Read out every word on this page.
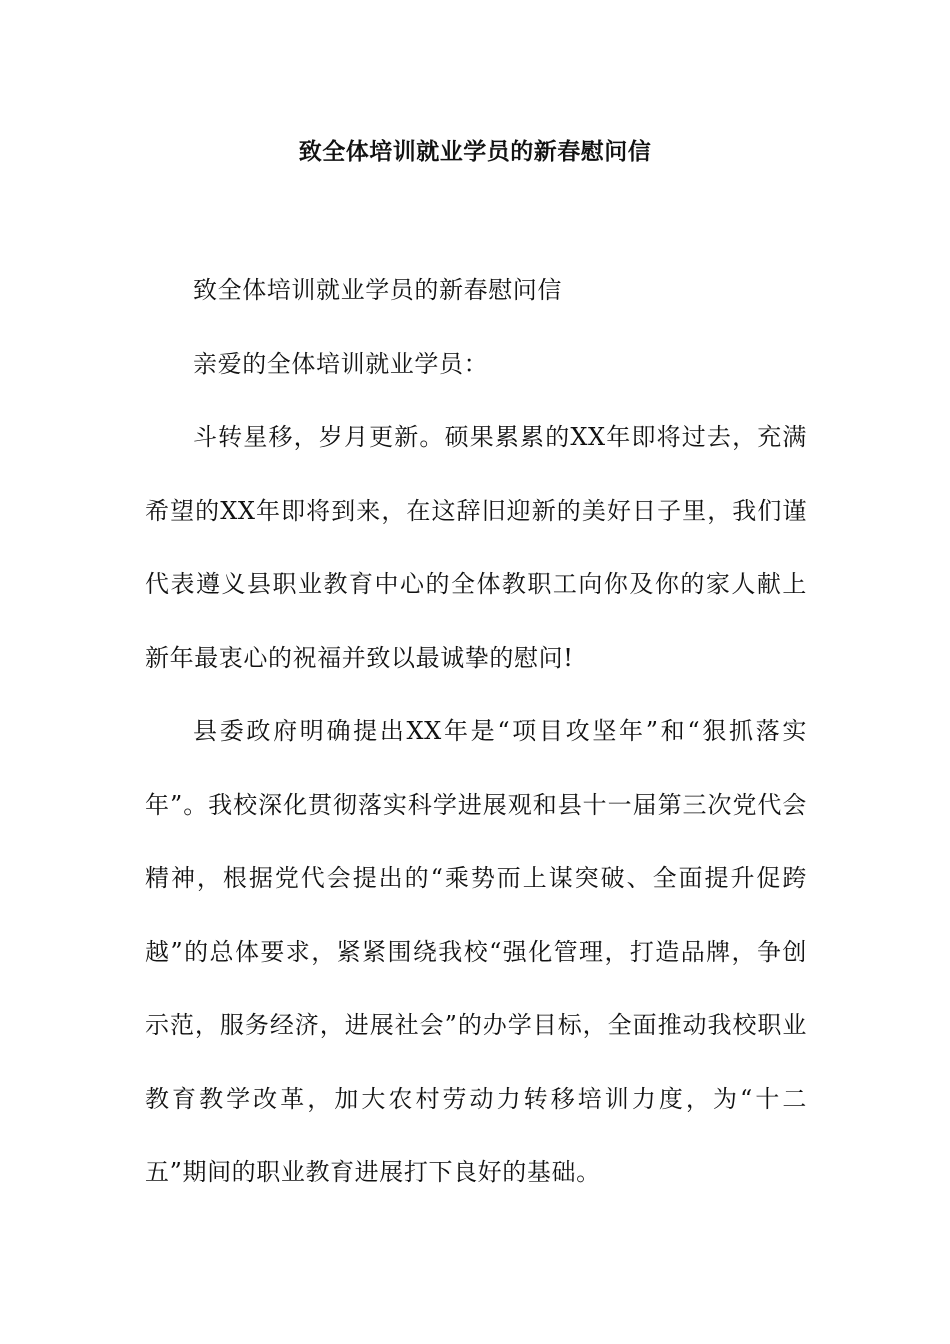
致全体培训就业学员的新春慰问信

致全体培训就业学员的新春慰问信

亲爱的全体培训就业学员：

斗转星移，岁月更新。硕果累累的XX年即将过去，充满希望的XX年即将到来，在这辞旧迎新的美好日子里，我们谨代表遵义县职业教育中心的全体教职工向你及你的家人献上新年最衷心的祝福并致以最诚挚的慰问!

县委政府明确提出XX年是“项目攻坚年”和“狠抓落实年”。我校深化贯彻落实科学进展观和县十一届第三次党代会精神，根据党代会提出的“乘势而上谋突破、全面提升促跨越”的总体要求，紧紧围绕我校“强化管理，打造品牌，争创示范，服务经济，进展社会”的办学目标，全面推动我校职业教育教学改革，加大农村劳动力转移培训力度，为“十二五”期间的职业教育进展打下良好的基础。
